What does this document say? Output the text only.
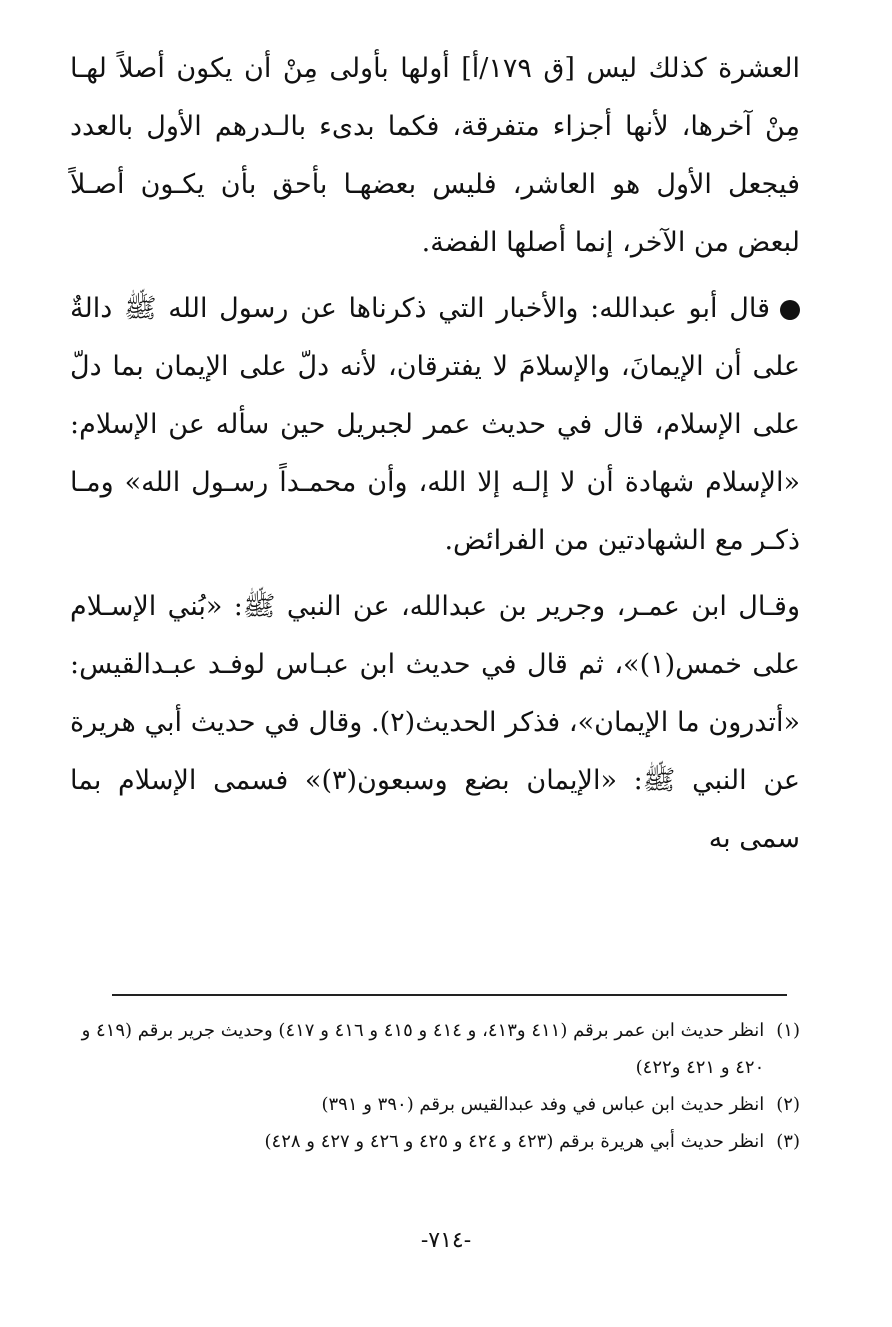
العشرة كذلك ليس [ق ١٧٩/أ] أولها بأولى مِنْ أن يكون أصلاً لهـا مِنْ آخرها، لأنها أجزاء متفرقة، فكما بدىء بالـدرهم الأول بالعدد فيجعل الأول هو العاشر، فليس بعضهـا بأحق بأن يكـون أصـلاً لبعض من الآخر، إنما أصلها الفضة.

قال أبو عبدالله: والأخبار التي ذكرناها عن رسول الله ﷺ دالةٌ على أن الإيمانَ، والإسلامَ لا يفترقان، لأنه دلّ على الإيمان بما دلّ على الإسلام، قال في حديث عمر لجبريل حين سأله عن الإسلام: «الإسلام شهادة أن لا إلـه إلا الله، وأن محمـداً رسـول الله» ومـا ذكـر مع الشهادتين من الفرائض.

وقـال ابن عمـر، وجرير بن عبدالله، عن النبي ﷺ: «بُني الإسـلام على خمس(١)»، ثم قال في حديث ابن عبـاس لوفـد عبـدالقيس: «أتدرون ما الإيمان»، فذكر الحديث(٢). وقال في حديث أبي هريرة عن النبي ﷺ: «الإيمان بضع وسبعون(٣)» فسمى الإسلام بما سمى به

(١)
انظر حديث ابن عمر برقم (٤١١ و٤١٣، و ٤١٤ و ٤١٥ و ٤١٦ و ٤١٧) وحديث جرير برقم (٤١٩ و ٤٢٠ و ٤٢١ و٤٢٢)
(٢)
انظر حديث ابن عباس في وفد عبدالقيس برقم (٣٩٠ و ٣٩١)
(٣)
انظر حديث أبي هريرة برقم (٤٢٣ و ٤٢٤ و ٤٢٥ و ٤٢٦ و ٤٢٧ و ٤٢٨)
-٧١٤-
